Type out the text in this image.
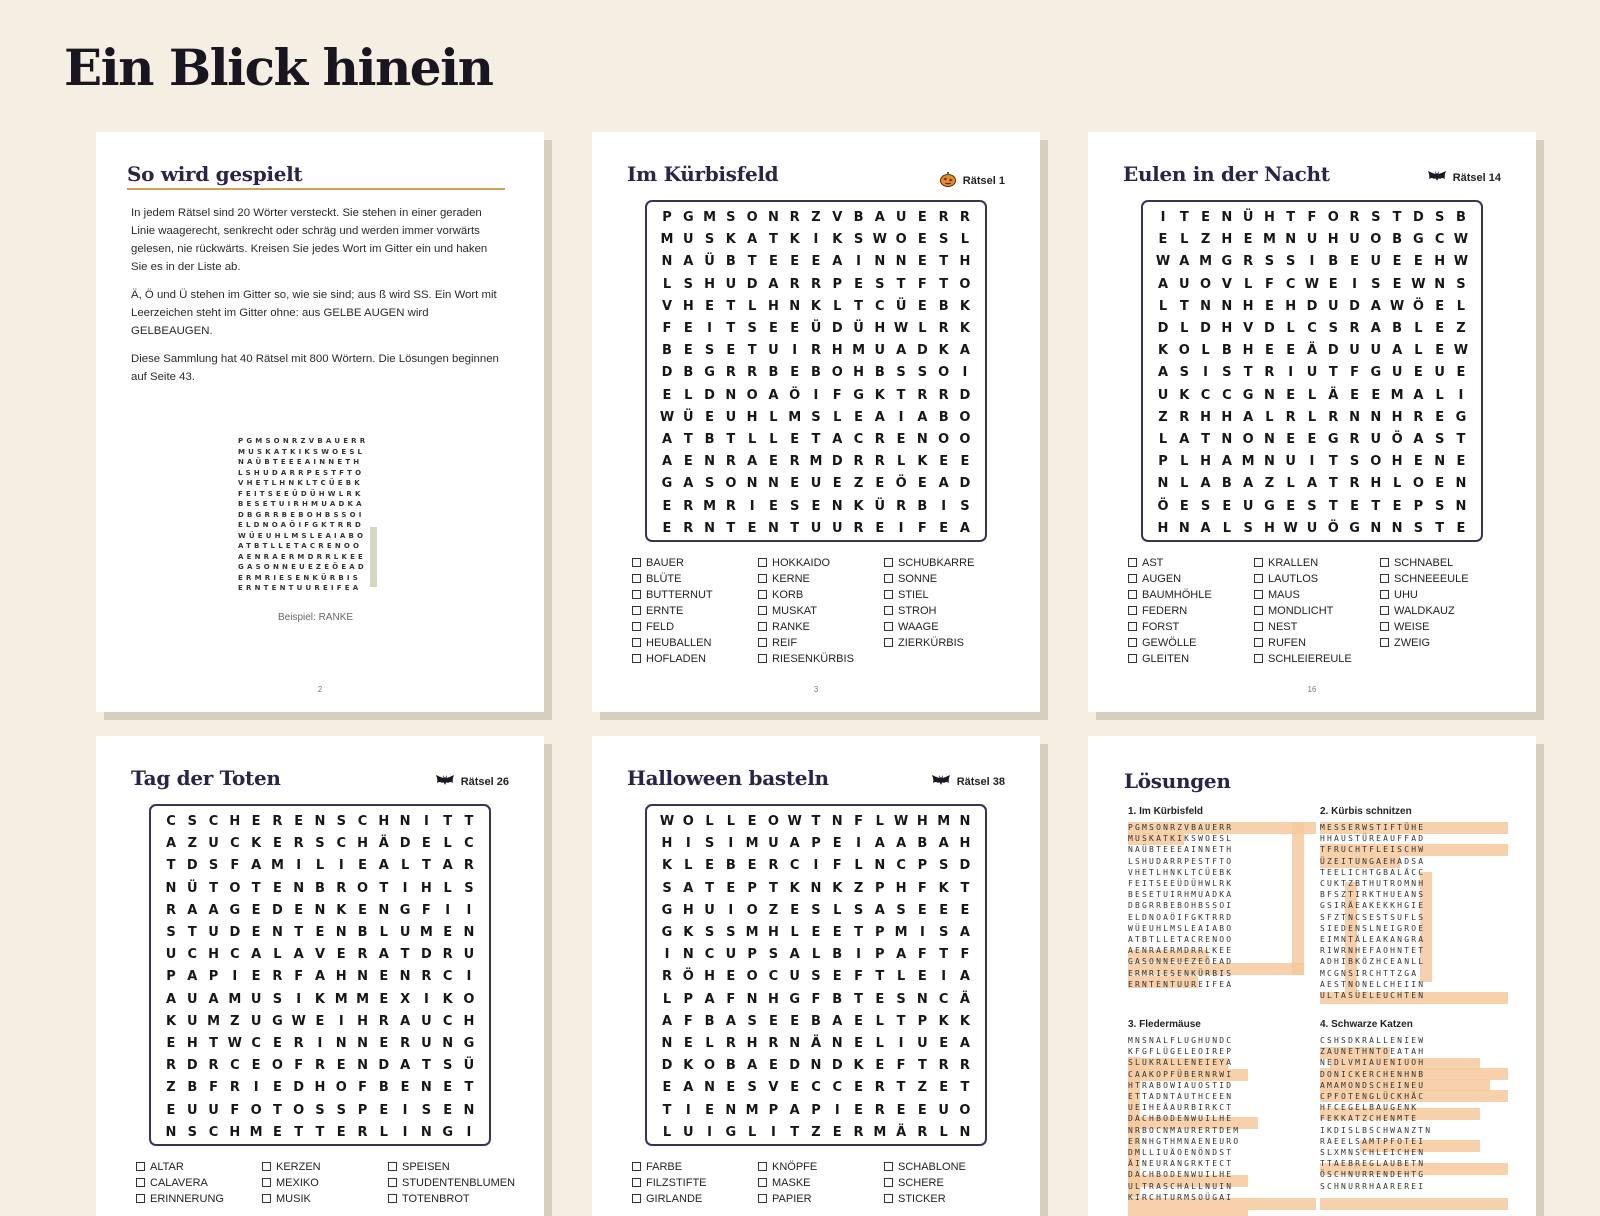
Ein Blick hinein
So wird gespielt

In jedem Rätsel sind 20 Wörter versteckt. Sie stehen in einer geraden Linie waagerecht, senkrecht oder schräg und werden immer vorwärts gelesen, nie rückwärts. Kreisen Sie jedes Wort im Gitter ein und haken Sie es in der Liste ab.

Ä, Ö und Ü stehen im Gitter so, wie sie sind; aus ß wird SS. Ein Wort mit Leerzeichen steht im Gitter ohne: aus GELBE AUGEN wird GELBEAUGEN.

Diese Sammlung hat 40 Rätsel mit 800 Wörtern. Die Lösungen beginnen auf Seite 43.

PGMSONRZVBAUERR
MUSKATKIKSWOESL
NAÜBTEEEAINNETH
LSHUDARRPESTFTO
VHETLHNKLTCÜEBK
FEITSEEÜDÜHWLRK
BESETUIRHMUADKA
DBGRRBEBOHBSSOI
ELDNOAÖIFGKTRRD
WÜEUHLMSLEAIABO
ATBTLLETACRENOO
AENRAERMDRRLKEE
GASONNEUEZEÖEAD
ERMRIESENKÜRBIS
ERNTENTUUREIFEA
Beispiel: RANKE
2
Im Kürbisfeld	Rätsel 1
P G M S O N R Z V B A U E R R
M U S K A T K	I	K S W O E S L
N A Ü B T E E E A	I	N N E T H
L S H U D A R R P E S T F T O
V H E T L H N K L T C Ü E B K
F E	I	T S E E Ü D Ü H W L R K
B E S E T U	I	R H M U A D K A
D B G R R B E B O H B S S O	I
E L D N O A Ö	I	F G K T R R D
W Ü E U H L M S L E A	I	A B O
A T B T L L E T A C R E N O O
A E N R A E R M D R R L K E E
G A S O N N E U E Z E Ö E A D
E R M R	I	E S E N K Ü R B	I	S
E R N T E N T U U R E	I	F E A
BAUER	HOKKAIDO	SCHUBKARRE
BLÜTE	KERNE	SONNE
BUTTERNUT	KORB	STIEL
ERNTE	MUSKAT	STROH
FELD	RANKE	WAAGE
HEUBALLEN	REIF	ZIERKÜRBIS
HOFLADEN	RIESENKÜRBIS
3
Eulen in der Nacht	Rätsel 14
I	T E N Ü H T F O R S T D S B
E L Z H E M N U H U O B G C W
W A M G R S S	I	B E U E E H W
A U O V L F C W E	I	S E W N S
L T N N H E H D U D A W Ö E L
D L D H V D L C S R A B L E Z
K O L B H E E Ä D U U A L E W
A S	I	S T R	I	U T F G U E U E
U K C C G N E L Ä E E M A L	I
Z R H H A L R L R N N H R E G
L A T N O N E E G R U Ö A S T
P L H A M N U	I	T S O H E N E
N L A B A Z L A T R H L O E N
Ö E S E U G E S T E T E P S N
H N A L S H W U Ö G N N S T E
AST	KRALLEN	SCHNABEL
AUGEN	LAUTLOS	SCHNEEEULE
BAUMHÖHLE	MAUS	UHU
FEDERN	MONDLICHT	WALDKAUZ
FORST	NEST	WEISE
GEWÖLLE	RUFEN	ZWEIG
GLEITEN	SCHLEIEREULE
16
Tag der Toten	Rätsel 26
C S C H E R E N S C H N	I	T T
A Z U C K E R S C H Ä D E L C
T D S F A M I	L	I	E A L T A R
N Ü T O T E N B R O T	I	H L S
R A A G E D E N K E N G F	I	I
S T U D E N T E N B L U M E N
U C H C A L A V E R A T D R U
P A P	I	E R F A H N E N R C	I
A U A M U S	I	K M M E X	I	K O
K U M Z U G W E	I	H R A U C H
E H T W C E R	I	N N E R U N G
R D R C E O F R E N D A T S Ü
Z B F R	I	E D H O F B E N E T
E U U F O T O S S P E	I	S E N
N S C H M E T T E R L	I	N G	I
ALTAR	KERZEN	SPEISEN
CALAVERA	MEXIKO	STUDENTENBLUMEN
ERINNERUNG	MUSIK	TOTENBROT
Halloween basteln	Rätsel 38
W O L L E O W T N F L W H M N
H	I	S	I M U A P E	I	A A B A H
K L E B E R C	I	F L N C P S D
S A T E P T K N K Z P H F K T
G H U	I	O Z E S L S A S E E E
G K S S M H L E E T P M I	S A
I	N C U P S A L B	I	P A F T F
R Ö H E O C U S E F T L E	I	A
L P A F N H G F B T E S N C Ä
A F B A S E E B A E L T P K K
N E L R H R N Ä N E L	I	U E A
D K O B A E D N D K E F T R R
E A N E S V E C C E R T Z E T
T	I	E N M P A P	I	E R E E U O
L U	I	G L	I	T Z E R M Ä R L N
FARBE	KNÖPFE	SCHABLONE
FILZSTIFTE	MASKE	SCHERE
GIRLANDE	PAPIER	STICKER
Lösungen
1. Im Kürbisfeld
PGMSONRZVBAUERR
MUSKATKIKSWOESL
NAÜBTEEEAINNETH
LSHUDARRPESTFTO
VHETLHNKLTCÜEBK
FEITSEEÜDÜHWLRK
BESETUIRHMUADKA
DBGRRBEBOHBSSOI
ELDNOAÖIFGKTRRD
WÜEUHLMSLEAIABO
ATBTLLETACRENOO
AENRAERMDRRLKEE
GASONNEUEZEÖEAD
ERMRIESENKÜRBIS
ERNTENTUUREIFEA
2. Kürbis schnitzen
MESSERWSTIFTÜHE
HHAUSTÜREAUFFAD
TFRUCHTFLEISCHW
ÜZEITUNGAEHADSA
TEELICHTGBALÄCC
CUKTZBTHUTROMNH
BFSZTIRKTHUEANS
GSIRÄEAKEKKHGIE
SFZTNCSESTSUFLS
SIEDENSLNEIGROE
EIMNTÄLEAKANGRA
RIWRNHEFAOHNTET
ADHIBKÖZHCEANLL
MCGNSIRCHTTZGA
AESTNONELCHEIIN
ULTASÜELEUCHTEN
3. Fledermäuse
MNSNALFLUGHUNDC
KFGFLÜGELEOIREP
SLUKRALLENEIEYA
CAAKOPFÜBERNRWI
HTRABOWIAUOSTID
ETTADNTAUTHCEEN
UEIHEÄAURBIRKCT
DACHBODENWUILHE
NRBOCNMAURERTDEM
ERNHGTHMNAENEURO
DMLLIUÄOENÖNDST
ÄINEURANGRKTECT
DACHBODENWUILHE
ULTRASCHALLNUIN
KIRCHTURMSOÜGAI
4. Schwarze Katzen
CSHSDKRALLENIEW
ZAUNETHNTOEATAH
NEDLVMIAUENIUOH
DONICKERCHENHNB
AMAMONDSCHEINEU
CPFOTENGLÜCKHÄC
HFCEGELBAUGENK
FEKKATZCHENMTE
IKDISLBSCHWANZTN
RAEELSAMTPFOTEI
SLXMNSCHLEICHEN
TTAEBREGLAUBETN
ÖSCHNURRENDEHTG
SCHNURRHAAREREI
